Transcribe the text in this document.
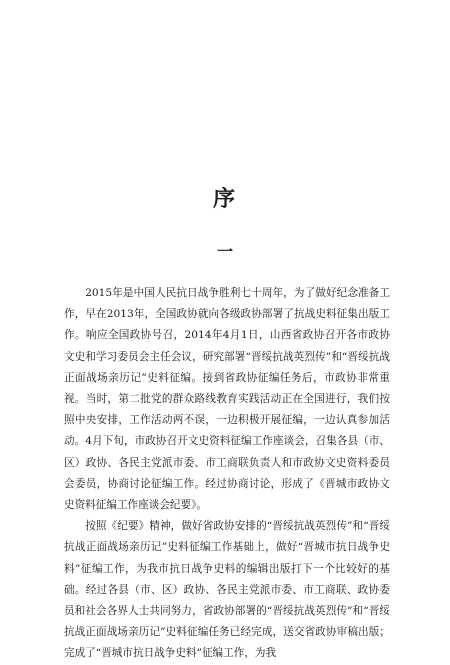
序
一

2015年是中国人民抗日战争胜利七十周年，为了做好纪念准备工作，早在2013年，全国政协就向各级政协部署了抗战史料征集出版工作。响应全国政协号召，2014年4月1日，山西省政协召开各市政协文史和学习委员会主任会议，研究部署“晋绥抗战英烈传”和“晋绥抗战正面战场亲历记”史料征编。接到省政协征编任务后，市政协非常重视。当时，第二批党的群众路线教育实践活动正在全国进行，我们按照中央安排，工作活动两不误，一边积极开展征编，一边认真参加活动。4月下旬，市政协召开文史资料征编工作座谈会，召集各县（市、区）政协、各民主党派市委、市工商联负责人和市政协文史资料委员会委员，协商讨论征编工作。经过协商讨论，形成了《晋城市政协文史资料征编工作座谈会纪要》。

按照《纪要》精神，做好省政协安排的“晋绥抗战英烈传”和“晋绥抗战正面战场亲历记”史料征编工作基础上，做好“晋城市抗日战争史料”征编工作，为我市抗日战争史料的编辑出版打下一个比较好的基础。经过各县（市、区）政协、各民主党派市委、市工商联、政协委员和社会各界人士共同努力，省政协部署的“晋绥抗战英烈传”和“晋绥抗战正面战场亲历记”史料征编任务已经完成，送交省政协审稿出版；完成了“晋城市抗日战争史料”征编工作，为我
